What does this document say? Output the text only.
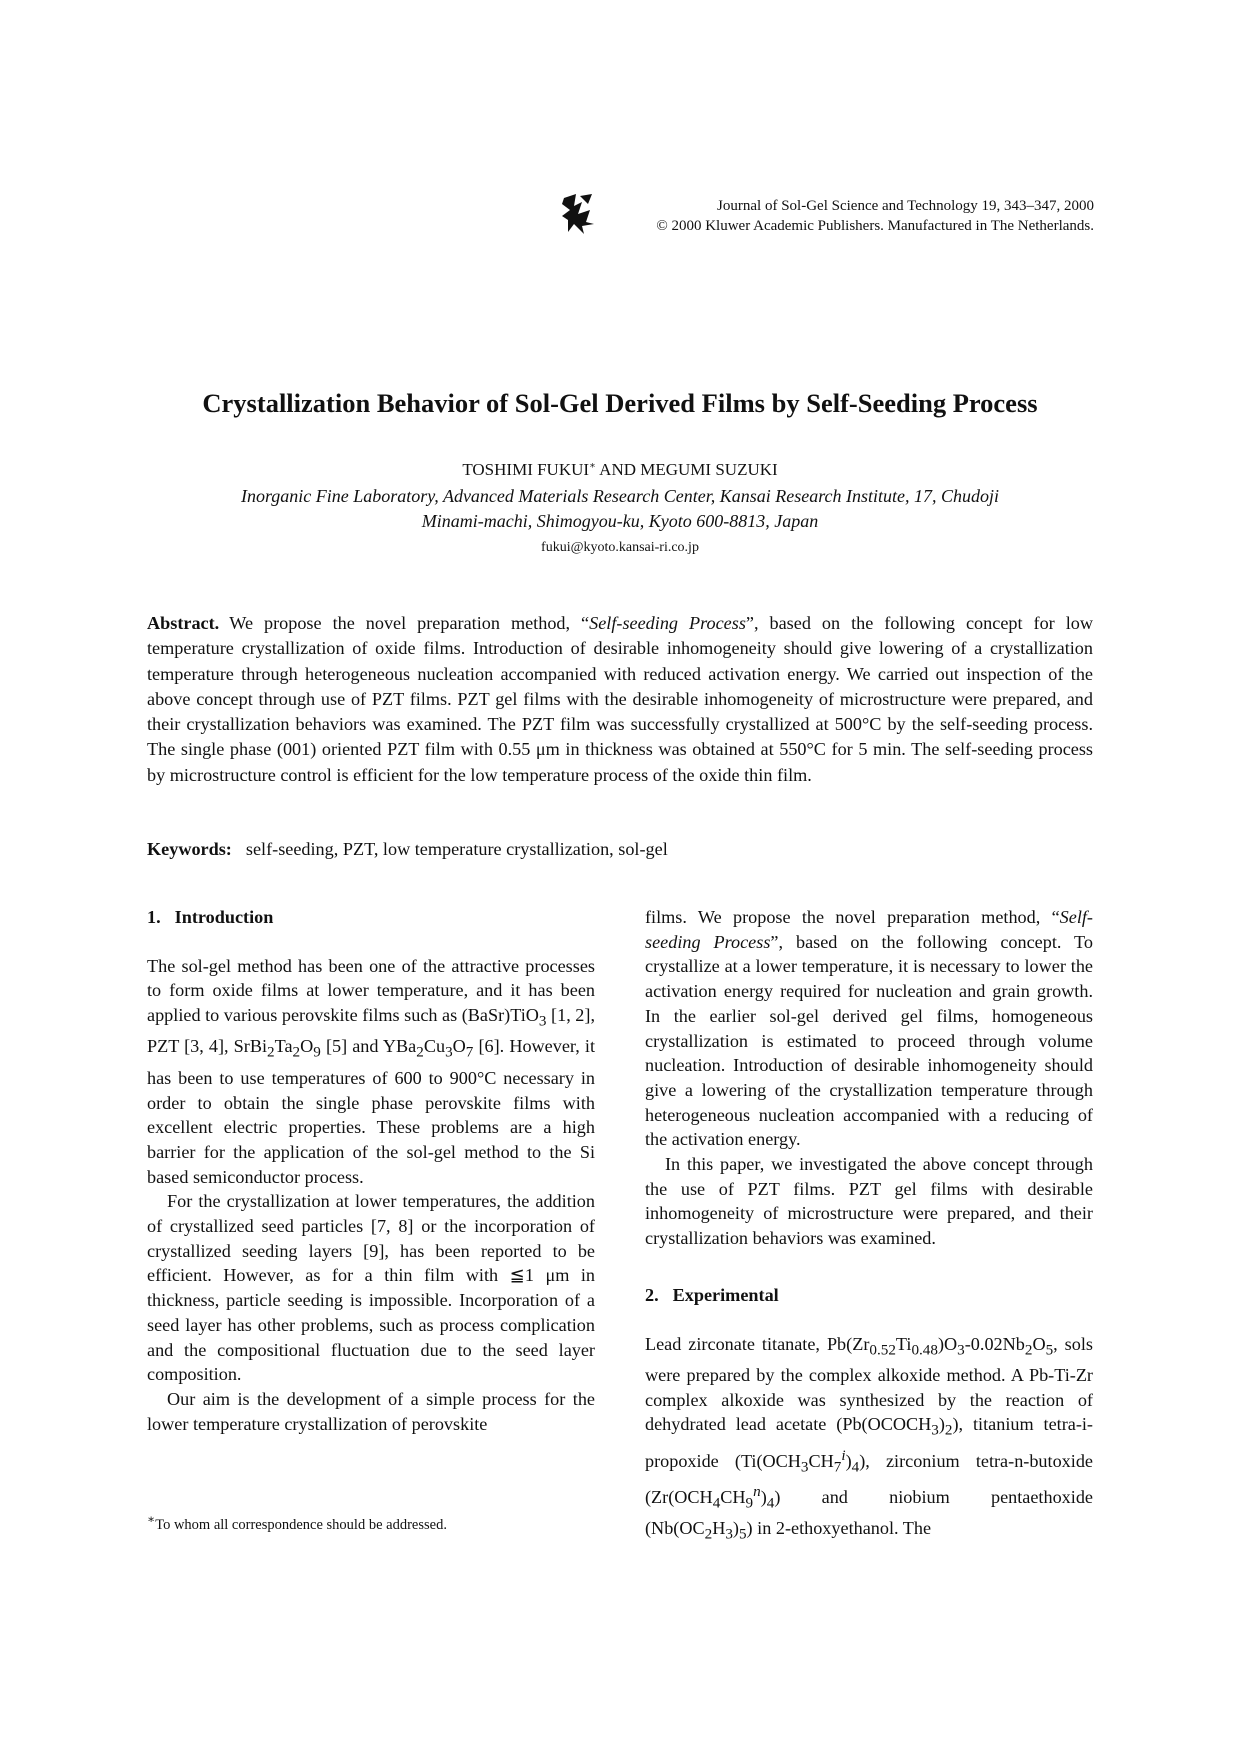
Journal of Sol-Gel Science and Technology 19, 343–347, 2000
© 2000 Kluwer Academic Publishers. Manufactured in The Netherlands.
Crystallization Behavior of Sol-Gel Derived Films by Self-Seeding Process
TOSHIMI FUKUI∗ AND MEGUMI SUZUKI
Inorganic Fine Laboratory, Advanced Materials Research Center, Kansai Research Institute, 17, Chudoji
Minami-machi, Shimogyou-ku, Kyoto 600-8813, Japan
fukui@kyoto.kansai-ri.co.jp
Abstract. We propose the novel preparation method, “Self-seeding Process”, based on the following concept for low temperature crystallization of oxide films. Introduction of desirable inhomogeneity should give lowering of a crystallization temperature through heterogeneous nucleation accompanied with reduced activation energy. We carried out inspection of the above concept through use of PZT films. PZT gel films with the desirable inhomogeneity of microstructure were prepared, and their crystallization behaviors was examined. The PZT film was successfully crystallized at 500°C by the self-seeding process. The single phase (001) oriented PZT film with 0.55 μm in thickness was obtained at 550°C for 5 min. The self-seeding process by microstructure control is efficient for the low temperature process of the oxide thin film.
Keywords: self-seeding, PZT, low temperature crystallization, sol-gel
1. Introduction

The sol-gel method has been one of the attractive processes to form oxide films at lower temperature, and it has been applied to various perovskite films such as (BaSr)TiO$_3$ [1, 2], PZT [3, 4], $SrBi_2Ta_2O_9$ [5] and $YBa_2Cu_3O_7$ [6]. However, it has been to use temperatures of 600 to 900°C necessary in order to obtain the single phase perovskite films with excellent electric properties. These problems are a high barrier for the application of the sol-gel method to the Si based semiconductor process.

For the crystallization at lower temperatures, the addition of crystallized seed particles [7, 8] or the incorporation of crystallized seeding layers [9], has been reported to be efficient. However, as for a thin film with ≦1 μm in thickness, particle seeding is impossible. Incorporation of a seed layer has other problems, such as process complication and the compositional fluctuation due to the seed layer composition.

Our aim is the development of a simple process for the lower temperature crystallization of perovskite

films. We propose the novel preparation method, “Self-seeding Process”, based on the following concept. To crystallize at a lower temperature, it is necessary to lower the activation energy required for nucleation and grain growth. In the earlier sol-gel derived gel films, homogeneous crystallization is estimated to proceed through volume nucleation. Introduction of desirable inhomogeneity should give a lowering of the crystallization temperature through heterogeneous nucleation accompanied with a reducing of the activation energy.

In this paper, we investigated the above concept through the use of PZT films. PZT gel films with desirable inhomogeneity of microstructure were prepared, and their crystallization behaviors was examined.

2. Experimental

Lead zirconate titanate, $Pb(Zr_{0.52}Ti_{0.48})O_3-0.02Nb_2O_5$, sols were prepared by the complex alkoxide method. A Pb-Ti-Zr complex alkoxide was synthesized by the reaction of dehydrated lead acetate $(Pb(OCOCH_3)_2)$, titanium tetra-i-propoxide $(Ti(OCH_3CH_7^i)_4)$, zirconium tetra-n-butoxide $(Zr(OCH_4CH_9^n)_4)$ and niobium pentaethoxide $(Nb(OC_2H_3)_5)$ in 2-ethoxyethanol. The

∗To whom all correspondence should be addressed.
